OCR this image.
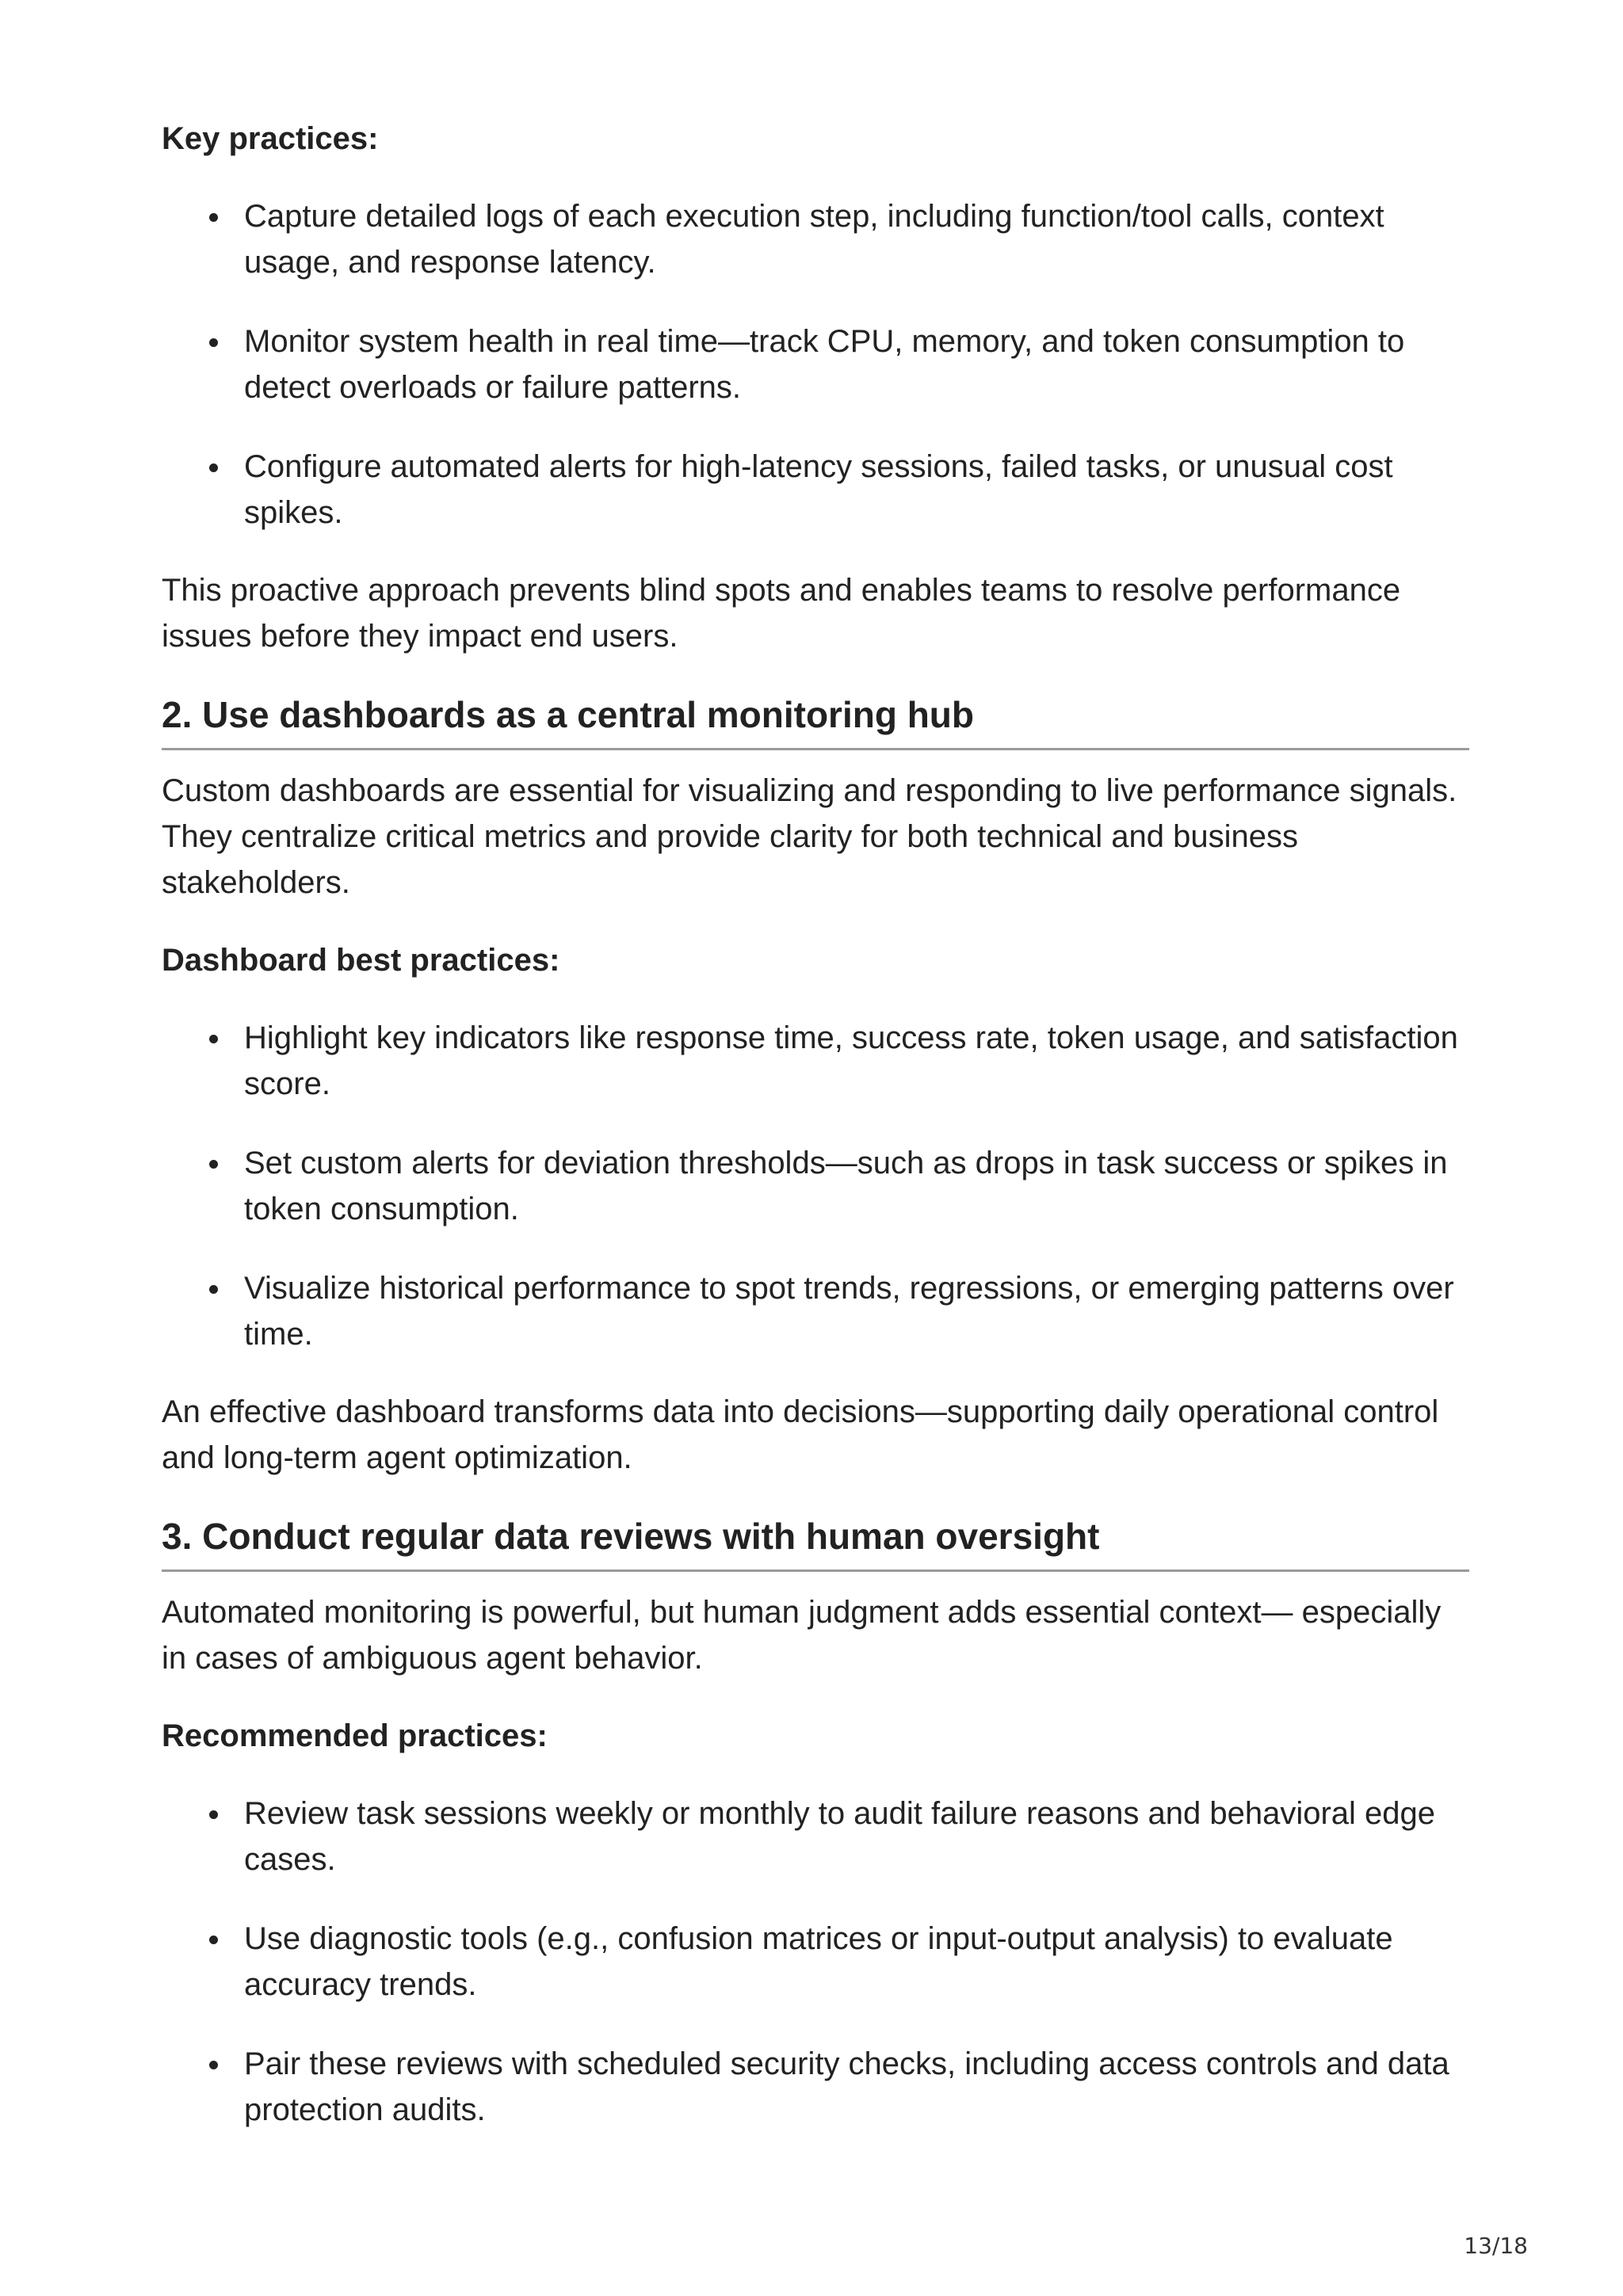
Key practices:

Capture detailed logs of each execution step, including function/tool calls, context usage, and response latency.
Monitor system health in real time—track CPU, memory, and token consumption to detect overloads or failure patterns.
Configure automated alerts for high-latency sessions, failed tasks, or unusual cost spikes.

This proactive approach prevents blind spots and enables teams to resolve performance issues before they impact end users.

2. Use dashboards as a central monitoring hub

Custom dashboards are essential for visualizing and responding to live performance signals. They centralize critical metrics and provide clarity for both technical and business stakeholders.

Dashboard best practices:

Highlight key indicators like response time, success rate, token usage, and satisfaction score.
Set custom alerts for deviation thresholds—such as drops in task success or spikes in token consumption.
Visualize historical performance to spot trends, regressions, or emerging patterns over time.

An effective dashboard transforms data into decisions—supporting daily operational control and long-term agent optimization.

3. Conduct regular data reviews with human oversight

Automated monitoring is powerful, but human judgment adds essential context— especially in cases of ambiguous agent behavior.

Recommended practices:

Review task sessions weekly or monthly to audit failure reasons and behavioral edge cases.
Use diagnostic tools (e.g., confusion matrices or input-output analysis) to evaluate accuracy trends.
Pair these reviews with scheduled security checks, including access controls and data protection audits.
13/18
